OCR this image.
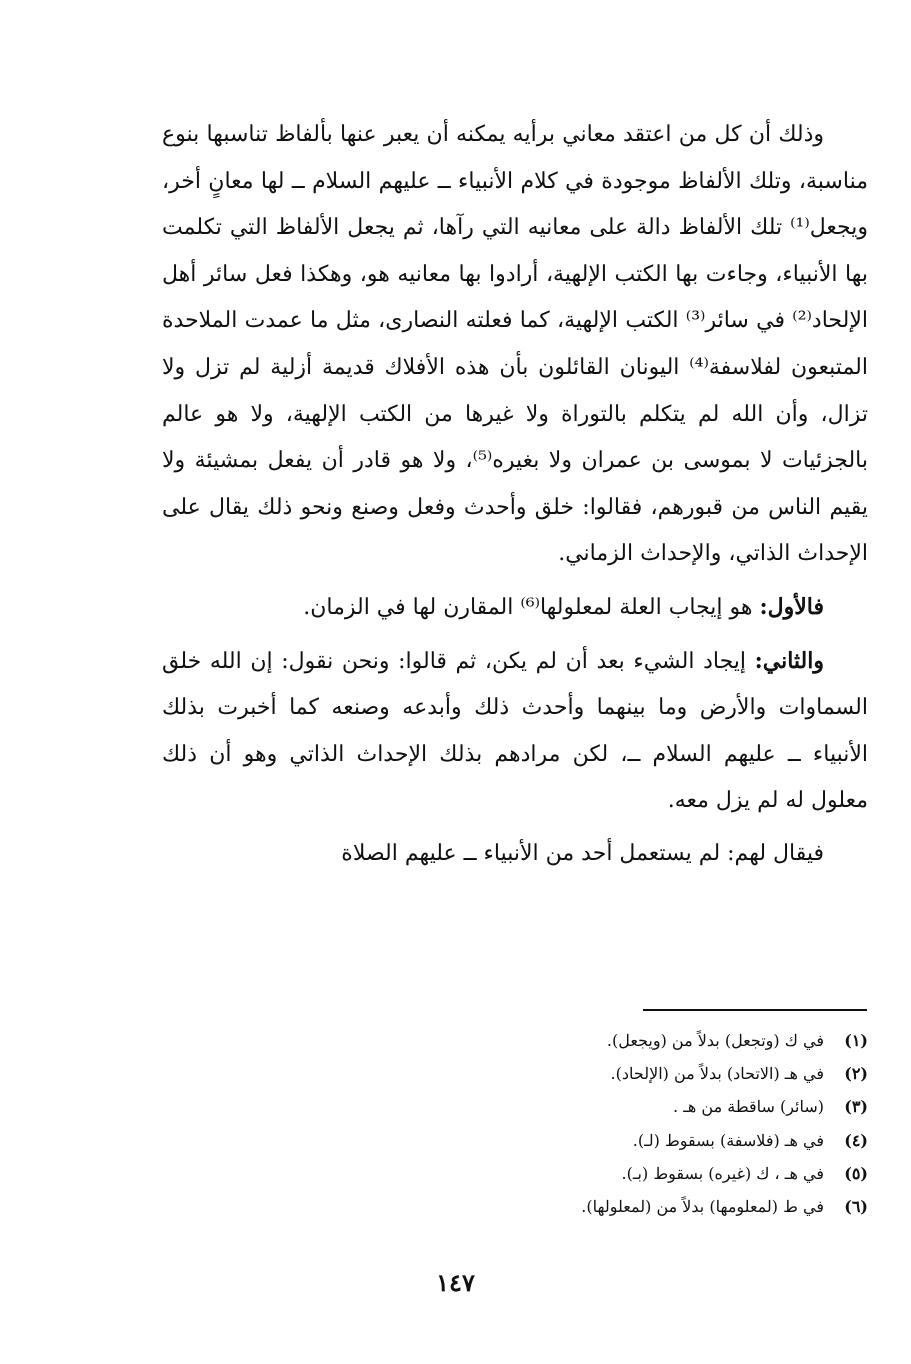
وذلك أن كل من اعتقد معاني برأيه يمكنه أن يعبر عنها بألفاظ تناسبها بنوع مناسبة، وتلك الألفاظ موجودة في كلام الأنبياء ــ عليهم السلام ــ لها معانٍ أخر، ويجعل⁽¹⁾ تلك الألفاظ دالة على معانيه التي رآها، ثم يجعل الألفاظ التي تكلمت بها الأنبياء، وجاءت بها الكتب الإلهية، أرادوا بها معانيه هو، وهكذا فعل سائر أهل الإلحاد⁽²⁾ في سائر⁽³⁾ الكتب الإلهية، كما فعلته النصارى، مثل ما عمدت الملاحدة المتبعون لفلاسفة⁽⁴⁾ اليونان القائلون بأن هذه الأفلاك قديمة أزلية لم تزل ولا تزال، وأن الله لم يتكلم بالتوراة ولا غيرها من الكتب الإلهية، ولا هو عالم بالجزئيات لا بموسى بن عمران ولا بغيره⁽⁵⁾، ولا هو قادر أن يفعل بمشيئة ولا يقيم الناس من قبورهم، فقالوا: خلق وأحدث وفعل وصنع ونحو ذلك يقال على الإحداث الذاتي، والإحداث الزماني.

فالأول: هو إيجاب العلة لمعلولها⁽⁶⁾ المقارن لها في الزمان.

والثاني: إيجاد الشيء بعد أن لم يكن، ثم قالوا: ونحن نقول: إن الله خلق السماوات والأرض وما بينهما وأحدث ذلك وأبدعه وصنعه كما أخبرت بذلك الأنبياء ــ عليهم السلام ــ، لكن مرادهم بذلك الإحداث الذاتي وهو أن ذلك معلول له لم يزل معه.

فيقال لهم: لم يستعمل أحد من الأنبياء ــ عليهم الصلاة

(١)
في ك (وتجعل) بدلاً من (ويجعل).
(٢)
في هـ (الاتحاد) بدلاً من (الإلحاد).
(٣)
(سائر) ساقطة من هـ .
(٤)
في هـ (فلاسفة) بسقوط (لـ).
(٥)
في هـ ، ك (غيره) بسقوط (بـ).
(٦)
في ط (لمعلومها) بدلاً من (لمعلولها).
١٤٧
